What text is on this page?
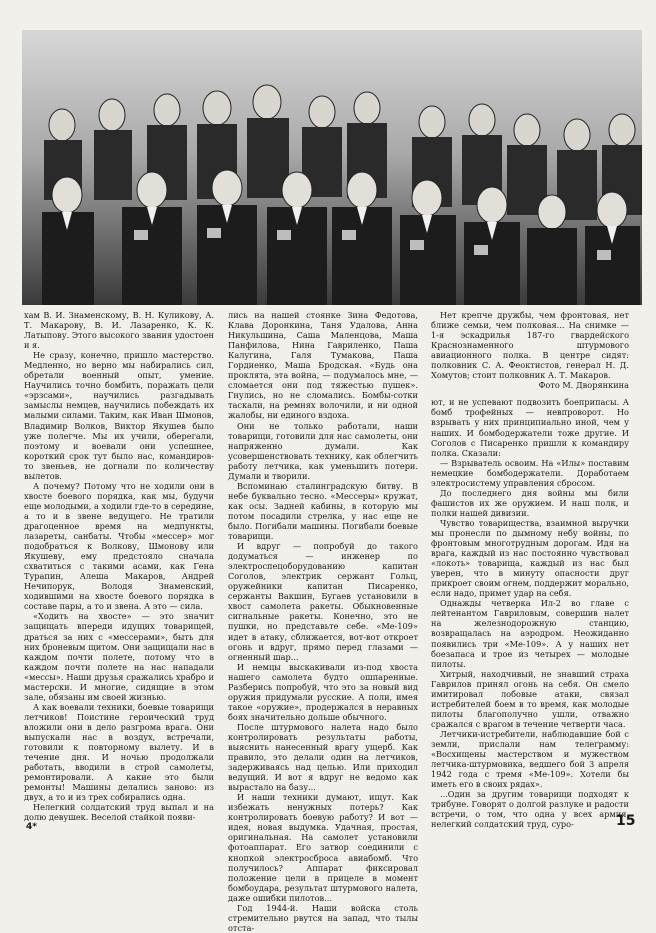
хам В. И. Знаменскому, В. Н. Куликову, А. Т. Макарову, В. И. Лазаренко, К. К. Латыпову. Этого высокого звания удостоен и я.

Не сразу, конечно, пришло мастерство. Медленно, но верно мы набирались сил, обретали военный опыт, умение. Научились точно бомбить, поражать цели «эрзсами», научились разгадывать замыслы немцев, научились побеждать их малыми силами. Таким, как Иван Шмонов, Владимир Волков, Виктор Якушев было уже полегче. Мы их учили, оберегали, поэтому и воевали они успешнее, короткий срок тут было нас, командиров-то звеньев, не догнали по количеству вылетов.

А почему? Потому что не ходили они в хвосте боевого порядка, как мы, будучи еще молодыми, а ходили где-то в середине, а то и в звене ведущего. Не тратили драгоценное время на медпункты, лазареты, санбаты. Чтобы «мессер» мог подобраться к Волкову, Шмонову или Якушеву, ему предстояло сначала схватиться с такими асами, как Гена Турапин, Алеша Макаров, Андрей Нечипорук, Володя Знаменский, ходившими на хвосте боевого порядка в составе пары, а то и звена. А это — сила.

«Ходить на хвосте» — это значит защищать впереди идущих товарищей, драться за них с «мессерами», быть для них броневым щитом. Они защищали нас в каждом почти полете, потому что в каждом почти полете на нас нападали «мессы». Наши друзья сражались храбро и мастерски. И многие, сидящие в этом зале, обязаны им своей жизнью.

А как воевали техники, боевые товарищи летчиков! Поистине героический труд вложили они в дело разгрома врага. Они выпускали нас в воздух, встречали, готовили к повторному вылету. И в течение дня. И ночью продолжали работать, вводили в строй самолеты, ремонтировали. А какие это были ремонты! Машины делались заново: из двух, а то и из трех собирались одна.

Нелегкий солдатский труд выпал и на долю девушек. Веселой стайкой появи-

лись на нашей стоянке Зина Федотова, Клава Доронкина, Таня Удалова, Анна Никульшина, Саша Маленцова, Маша Панфилова, Нина Гавриленко, Паша Калугина, Галя Тумакова, Паша Гордиенко, Маша Бродская. «Будь она проклята, эта война, — подумалось мне, — сломается они под тяжестью пушек». Гнулись, но не сломались. Бомбы-сотки таскали, на ремнях волочили, и ни одной жалобы, ни единого вздоха.

Они не только работали, наши товарищи, готовили для нас самолеты, они напряженно думали. Как усовершенствовать технику, как облегчить работу летчика, как уменьшить потери. Думали и творили.

Вспоминаю сталинградскую битву. В небе буквально тесно. «Мессеры» кружат, как осы. Задней кабины, в которую мы потом посадили стрелка, у нас еще не было. Погибали машины. Погибали боевые товарищи.

И вдруг — попробуй до такого додуматься — инженер по электроспецоборудованию капитан Соголов, электрик сержант Гольц, оружейники капитан Писаренко, сержанты Вакшин, Бугаев установили в хвост самолета ракеты. Обыкновенные сигнальные ракеты. Конечно, это не пушки, но представьте себе. «Ме-109» идет в атаку, сближается, вот-вот откроет огонь и вдруг, прямо перед глазами — огненный шар...

И немцы выскакивали из-под хвоста нашего самолета будто ошпаренные. Разберись попробуй, что это за новый вид оружия придумали русские. А поли, имея такое «оружие», продержался в неравных боях значительно дольше обычного.

После штурмового налета надо было контролировать результаты работы, выяснить нанесенный врагу ущерб. Как правило, это делали один на летчиков, задерживаясь над целью. Или приходил ведущий. И вот я вдруг не ведомо как вырастало на базу...

И наши техники думают, ищут. Как избежать ненужных потерь? Как контролировать боевую работу? И вот — идея, новая выдумка. Удачная, простая, оригинальная. На самолет установили фотоаппарат. Его затвор соединили с кнопкой электросброса авиабомб. Что получилось? Аппарат фиксировал положение цели в прицеле в момент бомбоудара, результат штурмового налета, даже ошибки пилотов...

Год 1944-й. Наши войска столь стремительно рвутся на запад, что тылы отста-

Нет крепче дружбы, чем фронтовая, нет ближе семьи, чем полковая... На снимке — 1-я эскадрилья 187-го гвардейского Краснознаменного штурмового авиационного полка. В центре сидят: полковник С. А. Феоктистов, генерал Н. Д. Хомутов; стоит полковник А. Т. Макаров.

Фото М. Дворянкина

ют, и не успевают подвозить боеприпасы. А бомб трофейных — невпроворот. Но взрывать у них принципиально иной, чем у наших. И бомбодержатели тоже другие. И Соголов с Писаренко пришли к командиру полка. Сказали:

— Взрыватель освоим. На «Илы» поставим немецкие бомбодержатели. Доработаем электросистему управления сбросом.

До последнего дня войны мы били фашистов их же оружием. И наш полк, и полки нашей дивизии.

Чувство товарищества, взаимной выручки мы пронесли по дымному небу войны, по фронтовым многотрудным дорогам. Идя на врага, каждый из нас постоянно чувствовал «локоть» товарища, каждый из нас был уверен, что в минуту опасности друг прикроет своим огнем, поддержит морально, если надо, примет удар на себя.

Однажды четверка Ил-2 во главе с лейтенантом Гавриловым, совершив налет на железнодорожную станцию, возвращалась на аэродром. Неожиданно появились три «Ме-109». А у наших нет боезапаса и трое из четырех — молодые пилоты.

Хитрый, находчивый, не знавший страха Гаврилов принял огонь на себя. Он смело имитировал лобовые атаки, связал истребителей боем в то время, как молодые пилоты благополучно ушли, отважно сражался с врагом в течение четверти часа.

Летчики-истребители, наблюдавшие бой с земли, прислали нам телеграмму: «Восхищены мастерством и мужеством летчика-штурмовика, ведшего бой 3 апреля 1942 года с тремя «Ме-109». Хотели бы иметь его в своих рядах».

...Один за другим товарищи подходят к трибуне. Говорят о долгой разлуке и радости встречи, о том, что одна у всех армия, нелегкий солдатский труд, суро-

4*	15
